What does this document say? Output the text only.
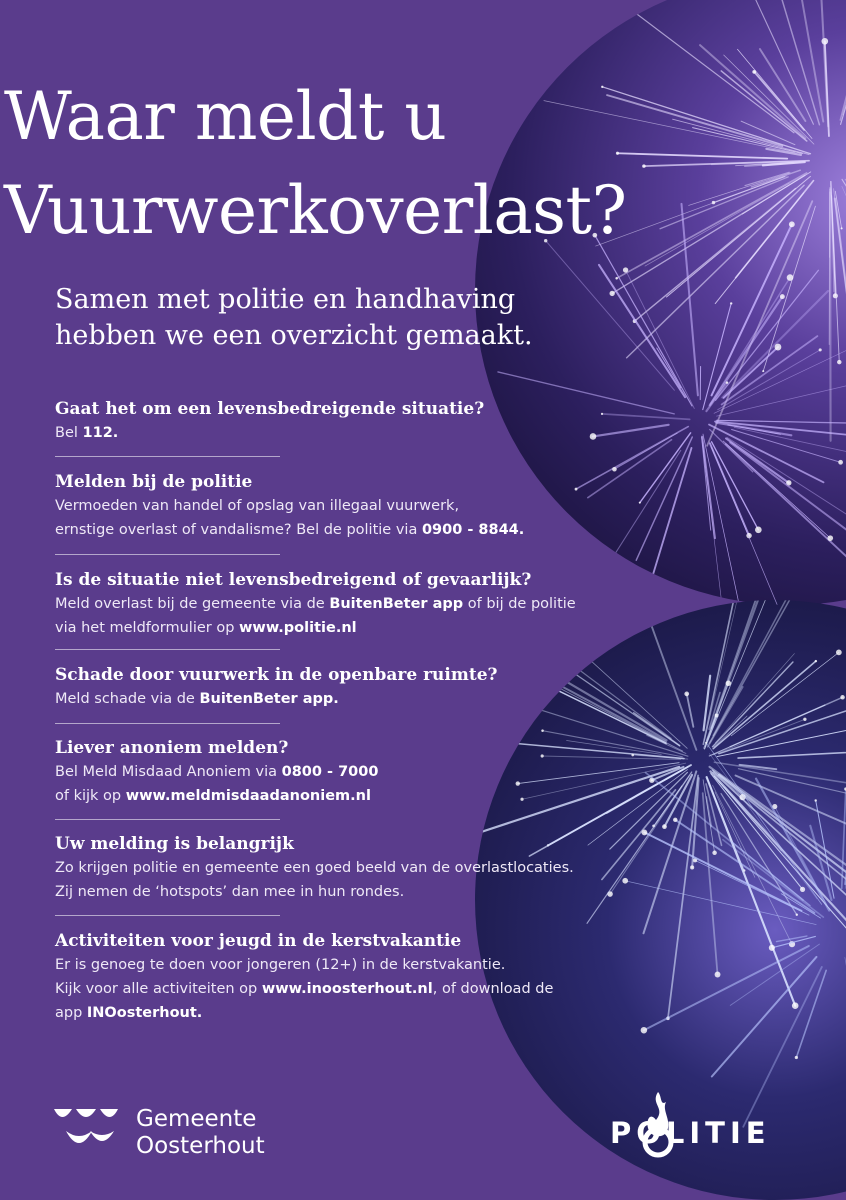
Waar meldt u
Vuurwerkoverlast?

Samen met politie en handhaving
hebben we een overzicht gemaakt.

Gaat het om een levensbedreigende situatie?

Bel 112.

Melden bij de politie

Vermoeden van handel of opslag van illegaal vuurwerk,

ernstige overlast of vandalisme? Bel de politie via 0900 - 8844.

Is de situatie niet levensbedreigend of gevaarlijk?

Meld overlast bij de gemeente via de BuitenBeter app of bij de politie

via het meldformulier op www.politie.nl

Schade door vuurwerk in de openbare ruimte?

Meld schade via de BuitenBeter app.

Liever anoniem melden?

Bel Meld Misdaad Anoniem via 0800 - 7000

of kijk op www.meldmisdaadanoniem.nl

Uw melding is belangrijk

Zo krijgen politie en gemeente een goed beeld van de overlastlocaties.

Zij nemen de ‘hotspots’ dan mee in hun rondes.

Activiteiten voor jeugd in de kerstvakantie

Er is genoeg te doen voor jongeren (12+) in de kerstvakantie.

Kijk voor alle activiteiten op www.inoosterhout.nl, of download de

app INOosterhout.

Gemeente
Oosterhout	POLITIE
